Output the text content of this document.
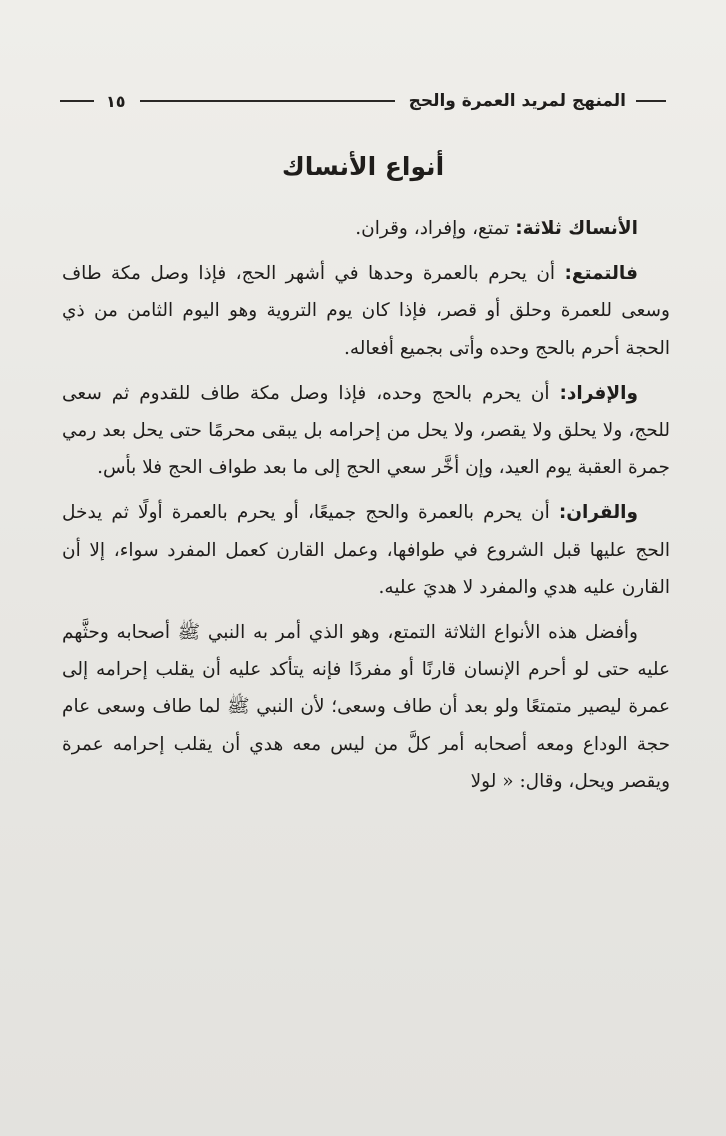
المنهج لمريد العمرة والحج
١٥
أنواع الأنساك

الأنساك ثلاثة: تمتع، وإفراد، وقران.

فالتمتع: أن يحرم بالعمرة وحدها في أشهر الحج، فإذا وصل مكة طاف وسعى للعمرة وحلق أو قصر، فإذا كان يوم التروية وهو اليوم الثامن من ذي الحجة أحرم بالحج وحده وأتى بجميع أفعاله.

والإفراد: أن يحرم بالحج وحده، فإذا وصل مكة طاف للقدوم ثم سعى للحج، ولا يحلق ولا يقصر، ولا يحل من إحرامه بل يبقى محرمًا حتى يحل بعد رمي جمرة العقبة يوم العيد، وإن أخَّر سعي الحج إلى ما بعد طواف الحج فلا بأس.

والقران: أن يحرم بالعمرة والحج جميعًا، أو يحرم بالعمرة أولًا ثم يدخل الحج عليها قبل الشروع في طوافها، وعمل القارن كعمل المفرد سواء، إلا أن القارن عليه هدي والمفرد لا هديَ عليه.

وأفضل هذه الأنواع الثلاثة التمتع، وهو الذي أمر به النبي ﷺ أصحابه وحثَّهم عليه حتى لو أحرم الإنسان قارنًا أو مفردًا فإنه يتأكد عليه أن يقلب إحرامه إلى عمرة ليصير متمتعًا ولو بعد أن طاف وسعى؛ لأن النبي ﷺ لما طاف وسعى عام حجة الوداع ومعه أصحابه أمر كلَّ من ليس معه هدي أن يقلب إحرامه عمرة ويقصر ويحل، وقال: « لولا
